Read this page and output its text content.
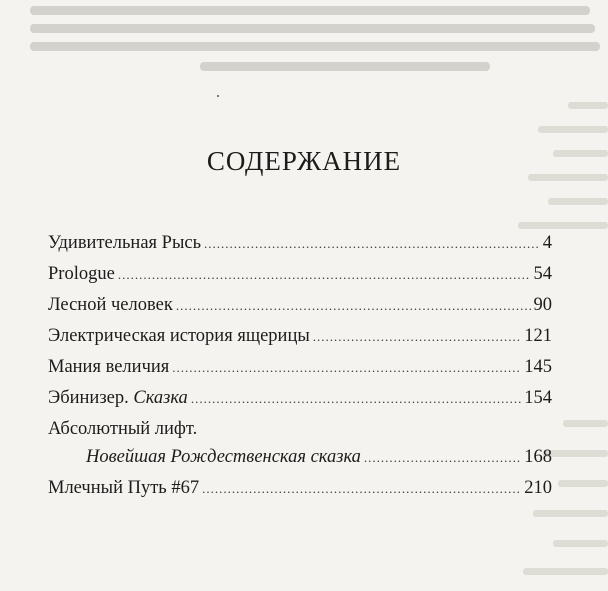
СОДЕРЖАНИЕ
Удивительная Рысь .....	4
Prologue .....	54
Лесной человек .....	90
Электрическая история ящерицы .....	121
Мания величия .....	145
Эбинизер. Сказка .....	154
Абсолютный лифт.
Новейшая Рождественская сказка .....	168
Млечный Путь #67 .....	210
